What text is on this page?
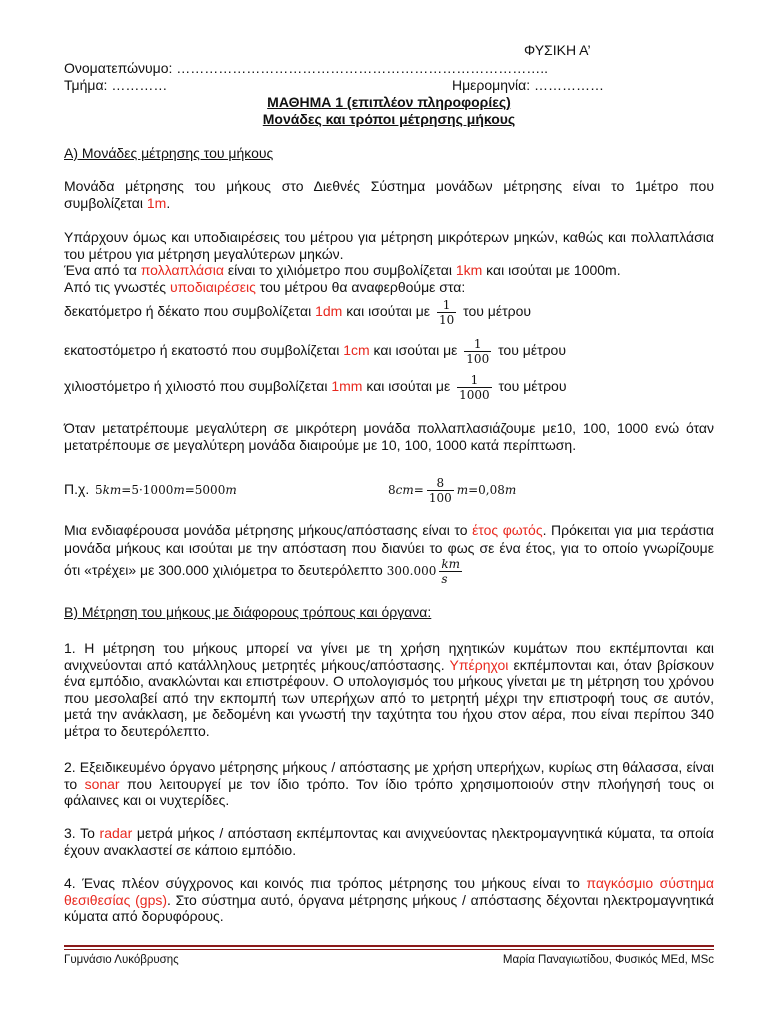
ΦΥΣΙΚΗ Α’
Ονοματεπώνυμο: ……………………………………………………………………..
Τμήμα: …………	Ημερομηνία: ……………
ΜΑΘΗΜΑ 1 (επιπλέον πληροφορίες)
Μονάδες και τρόποι μέτρησης μήκους
Α) Μονάδες μέτρησης του μήκους
Μονάδα μέτρησης του μήκους στο Διεθνές Σύστημα μονάδων μέτρησης είναι το 1μέτρο που συμβολίζεται 1m.
Υπάρχουν όμως και υποδιαιρέσεις του μέτρου για μέτρηση μικρότερων μηκών, καθώς και πολλαπλάσια του μέτρου για μέτρηση μεγαλύτερων μηκών.
Ένα από τα πολλαπλάσια είναι το χιλιόμετρο που συμβολίζεται 1km και ισούται με 1000m.
Από τις γνωστές υποδιαιρέσεις του μέτρου θα αναφερθούμε στα:
δεκατόμετρο ή δέκατο που συμβολίζεται 1dm και ισούται με $\frac{1}{10}$ του μέτρου
εκατοστόμετρο ή εκατοστό που συμβολίζεται 1cm και ισούται με $\frac{1}{100}$ του μέτρου
χιλιοστόμετρο ή χιλιοστό που συμβολίζεται 1mm και ισούται με $\frac{1}{1000}$ του μέτρου
Όταν μετατρέπουμε μεγαλύτερη σε μικρότερη μονάδα πολλαπλασιάζουμε με10, 100, 1000 ενώ όταν μετατρέπουμε σε μεγαλύτερη μονάδα διαιρούμε με 10, 100, 1000 κατά περίπτωση.
Π.χ. 5km=5·1000m=5000m	$8cm= \frac{8}{100} m=0,08m$
Μια ενδιαφέρουσα μονάδα μέτρησης μήκους/απόστασης είναι το έτος φωτός. Πρόκειται για μια τεράστια μονάδα μήκους και ισούται με την απόσταση που διανύει το φως σε ένα έτος, για το οποίο γνωρίζουμε ότι «τρέχει» με 300.000 χιλιόμετρα το δευτερόλεπτο $300.000 \frac{km}{s}$
Β) Μέτρηση του μήκους με διάφορους τρόπους και όργανα:
1. Η μέτρηση του μήκους μπορεί να γίνει με τη χρήση ηχητικών κυμάτων που εκπέμπονται και ανιχνεύονται από κατάλληλους μετρητές μήκους/απόστασης. Υπέρηχοι εκπέμπονται και, όταν βρίσκουν ένα εμπόδιο, ανακλώνται και επιστρέφουν. Ο υπολογισμός του μήκους γίνεται με τη μέτρηση του χρόνου που μεσολαβεί από την εκπομπή των υπερήχων από το μετρητή μέχρι την επιστροφή τους σε αυτόν, μετά την ανάκλαση, με δεδομένη και γνωστή την ταχύτητα του ήχου στον αέρα, που είναι περίπου 340 μέτρα το δευτερόλεπτο.
2. Εξειδικευμένο όργανο μέτρησης μήκους / απόστασης με χρήση υπερήχων, κυρίως στη θάλασσα, είναι το sonar που λειτουργεί με τον ίδιο τρόπο. Τον ίδιο τρόπο χρησιμοποιούν στην πλοήγησή τους οι φάλαινες και οι νυχτερίδες.
3. Το radar μετρά μήκος / απόσταση εκπέμποντας και ανιχνεύοντας ηλεκτρομαγνητικά κύματα, τα οποία έχουν ανακλαστεί σε κάποιο εμπόδιο.
4. Ένας πλέον σύγχρονος και κοινός πια τρόπος μέτρησης του μήκους είναι το παγκόσμιο σύστημα θεσιθεσίας (gps). Στο σύστημα αυτό, όργανα μέτρησης μήκους / απόστασης δέχονται ηλεκτρομαγνητικά κύματα από δορυφόρους.
Γυμνάσιο Λυκόβρυσης	Μαρία Παναγιωτίδου, Φυσικός MEd, MSc
